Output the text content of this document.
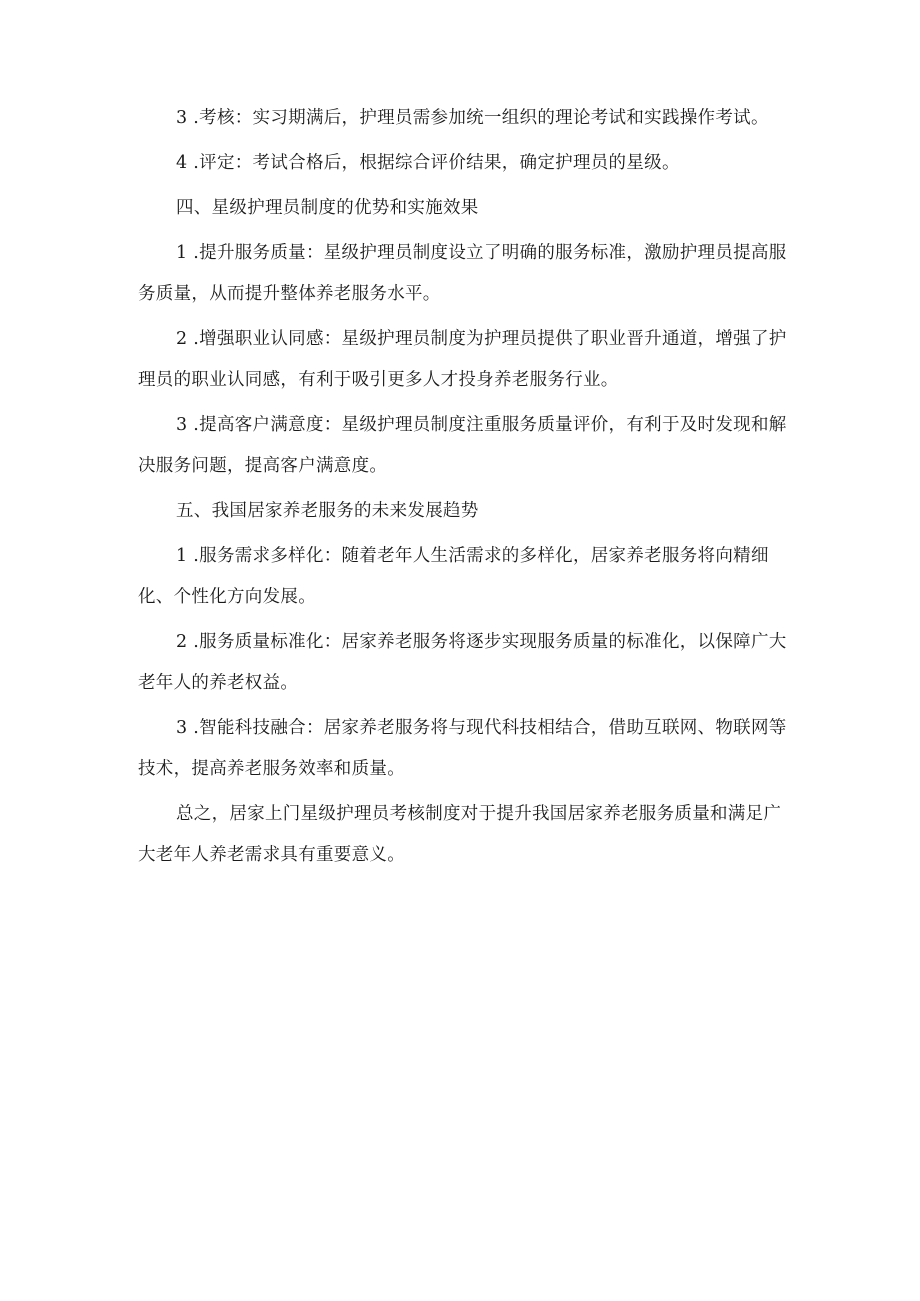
3 .考核：实习期满后，护理员需参加统一组织的理论考试和实践操作考试。

4 .评定：考试合格后，根据综合评价结果，确定护理员的星级。

四、星级护理员制度的优势和实施效果

1 .提升服务质量：星级护理员制度设立了明确的服务标准，激励护理员提高服务质量，从而提升整体养老服务水平。

2 .增强职业认同感：星级护理员制度为护理员提供了职业晋升通道，增强了护理员的职业认同感，有利于吸引更多人才投身养老服务行业。

3 .提高客户满意度：星级护理员制度注重服务质量评价，有利于及时发现和解决服务问题，提高客户满意度。

五、我国居家养老服务的未来发展趋势

1 .服务需求多样化：随着老年人生活需求的多样化，居家养老服务将向精细化、个性化方向发展。

2 .服务质量标准化：居家养老服务将逐步实现服务质量的标准化，以保障广大老年人的养老权益。

3 .智能科技融合：居家养老服务将与现代科技相结合，借助互联网、物联网等技术，提高养老服务效率和质量。

总之，居家上门星级护理员考核制度对于提升我国居家养老服务质量和满足广大老年人养老需求具有重要意义。
